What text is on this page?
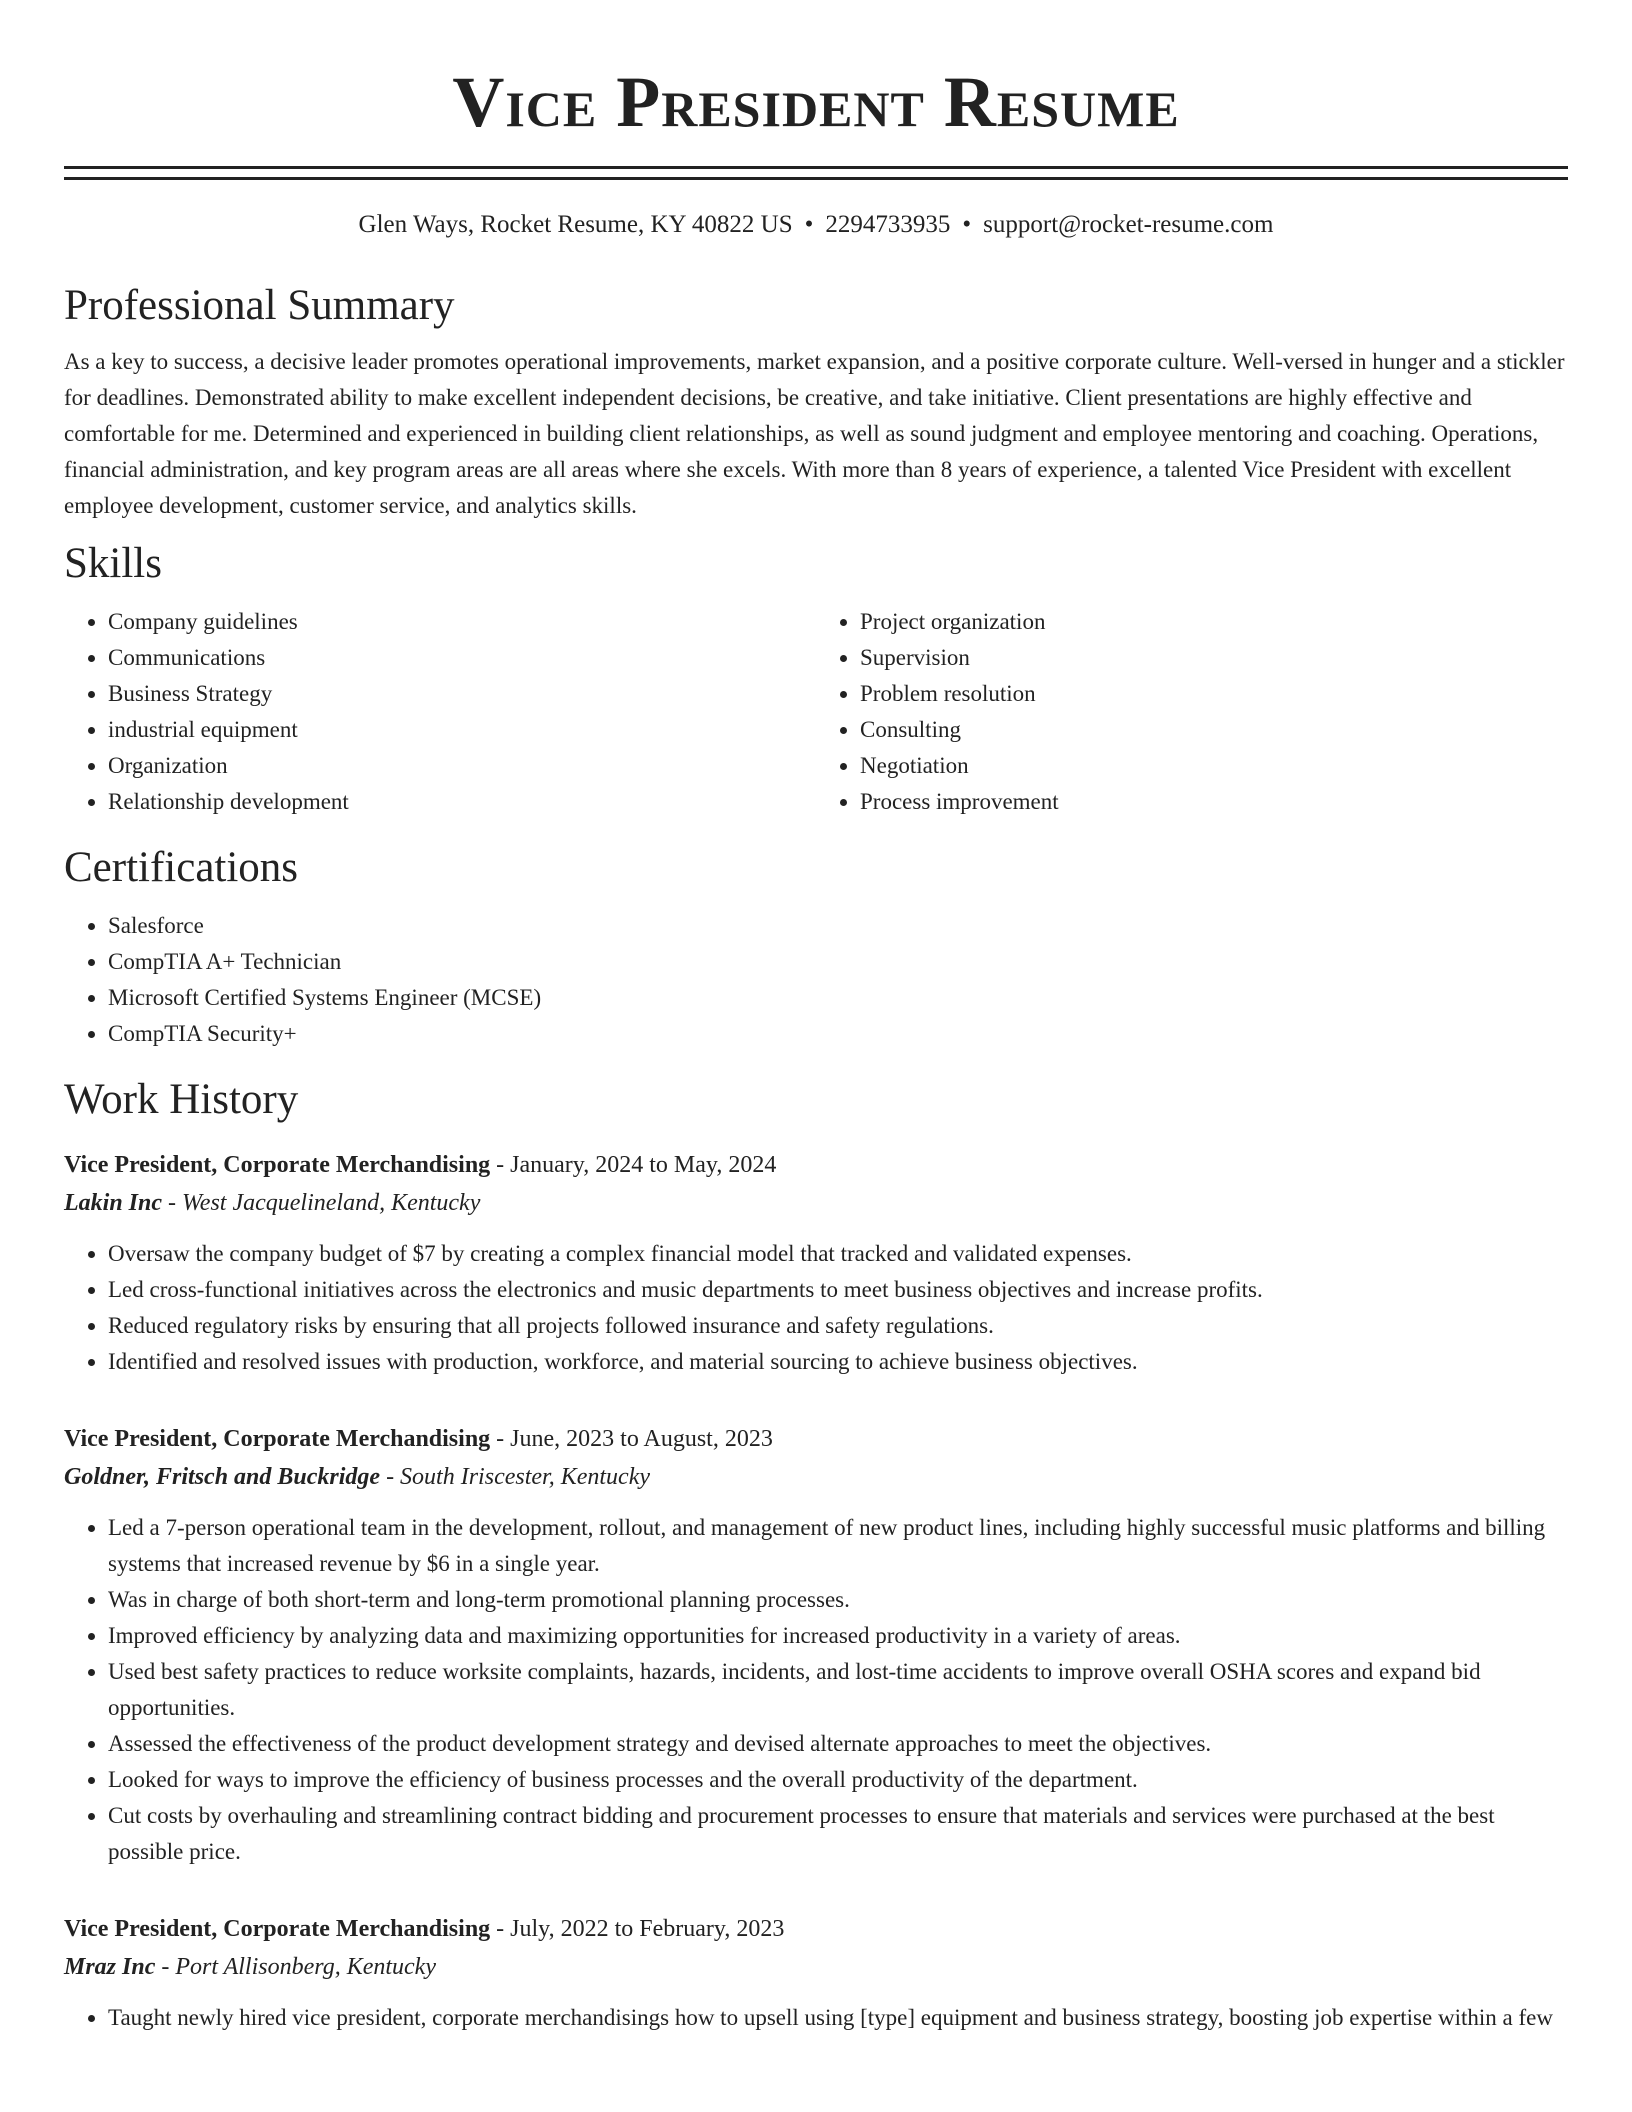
Vice President Resume
Glen Ways, Rocket Resume, KY 40822 US • 2294733935 • support@rocket-resume.com
Professional Summary
As a key to success, a decisive leader promotes operational improvements, market expansion, and a positive corporate culture. Well-versed in hunger and a stickler for deadlines. Demonstrated ability to make excellent independent decisions, be creative, and take initiative. Client presentations are highly effective and comfortable for me. Determined and experienced in building client relationships, as well as sound judgment and employee mentoring and coaching. Operations, financial administration, and key program areas are all areas where she excels. With more than 8 years of experience, a talented Vice President with excellent employee development, customer service, and analytics skills.
Skills
• Company guidelines
• Communications
• Business Strategy
• industrial equipment
• Organization
• Relationship development
• Project organization
• Supervision
• Problem resolution
• Consulting
• Negotiation
• Process improvement
Certifications
• Salesforce
• CompTIA A+ Technician
• Microsoft Certified Systems Engineer (MCSE)
• CompTIA Security+
Work History
Vice President, Corporate Merchandising - January, 2024 to May, 2024
Lakin Inc - West Jacquelineland, Kentucky
• Oversaw the company budget of $7 by creating a complex financial model that tracked and validated expenses.
• Led cross-functional initiatives across the electronics and music departments to meet business objectives and increase profits.
• Reduced regulatory risks by ensuring that all projects followed insurance and safety regulations.
• Identified and resolved issues with production, workforce, and material sourcing to achieve business objectives.
Vice President, Corporate Merchandising - June, 2023 to August, 2023
Goldner, Fritsch and Buckridge - South Iriscester, Kentucky
• Led a 7-person operational team in the development, rollout, and management of new product lines, including highly successful music platforms and billing systems that increased revenue by $6 in a single year.
• Was in charge of both short-term and long-term promotional planning processes.
• Improved efficiency by analyzing data and maximizing opportunities for increased productivity in a variety of areas.
• Used best safety practices to reduce worksite complaints, hazards, incidents, and lost-time accidents to improve overall OSHA scores and expand bid opportunities.
• Assessed the effectiveness of the product development strategy and devised alternate approaches to meet the objectives.
• Looked for ways to improve the efficiency of business processes and the overall productivity of the department.
• Cut costs by overhauling and streamlining contract bidding and procurement processes to ensure that materials and services were purchased at the best possible price.
Vice President, Corporate Merchandising - July, 2022 to February, 2023
Mraz Inc - Port Allisonberg, Kentucky
• Taught newly hired vice president, corporate merchandisings how to upsell using [type] equipment and business strategy, boosting job expertise within a few
